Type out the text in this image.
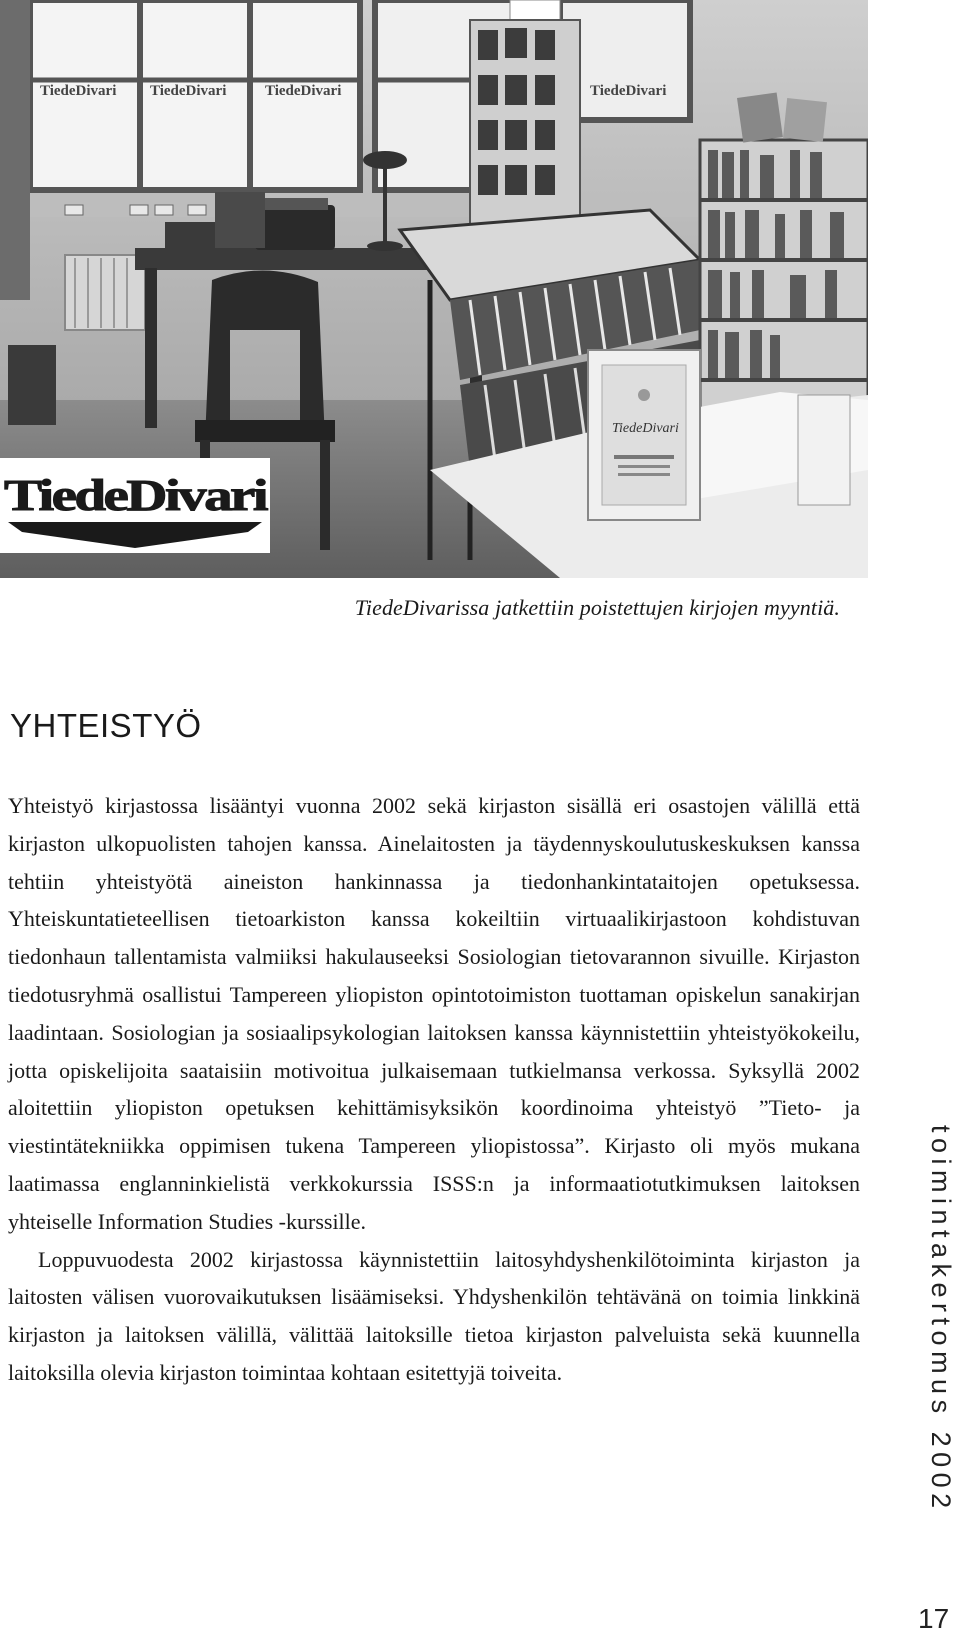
TiedeDivari TiedeDivari	TiedeDivari	TiedeDivari
TiedeDivari
TiedeDivari
TiedeDivarissa jatkettiin poistettujen kirjojen myyntiä.
YHTEISTYÖ

Yhteistyö kirjastossa lisääntyi vuonna 2002 sekä kirjaston sisällä eri osastojen välillä että kirjaston ulkopuolisten tahojen kanssa. Ainelaitosten ja täydennyskoulutuskeskuksen kanssa tehtiin yhteistyötä aineiston hankinnassa ja tiedonhankintataitojen opetuksessa. Yhteiskuntatieteellisen tietoarkiston kanssa kokeiltiin virtuaalikirjastoon kohdistuvan tiedonhaun tallentamista valmiiksi hakulauseeksi Sosiologian tietovarannon sivuille. Kirjaston tiedotusryhmä osallistui Tampereen yliopiston opintotoimiston tuottaman opiskelun sanakirjan laadintaan. Sosiologian ja sosiaalipsykologian laitoksen kanssa käynnistettiin yhteistyökokeilu, jotta opiskelijoita saataisiin motivoitua julkaisemaan tutkielmansa verkossa. Syksyllä 2002 aloitettiin yliopiston opetuksen kehittämisyksikön koordinoima yhteistyö ”Tieto- ja viestintätekniikka oppimisen tukena Tampereen yliopistossa”. Kirjasto oli myös mukana laatimassa englanninkielistä verkkokurssia ISSS:n ja informaatiotutkimuksen laitoksen yhteiselle Information Studies -kurssille.

Loppuvuodesta 2002 kirjastossa käynnistettiin laitosyhdyshenkilötoiminta kirjaston ja laitosten välisen vuorovaikutuksen lisäämiseksi. Yhdyshenkilön tehtävänä on toimia linkkinä kirjaston ja laitoksen välillä, välittää laitoksille tietoa kirjaston palveluista sekä kuunnella laitoksilla olevia kirjaston toimintaa kohtaan esitettyjä toiveita.	toimintakertomus 2002
17
